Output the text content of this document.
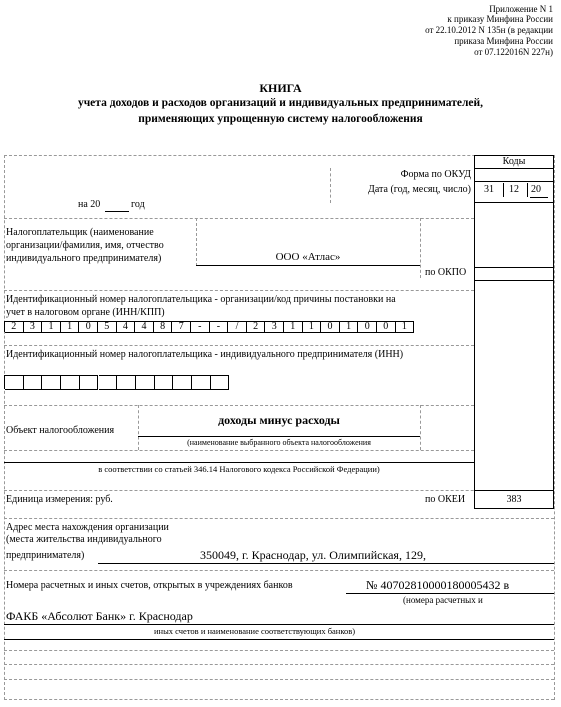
Приложение N 1
к приказу Минфина России
от 22.10.2012 N 135н (в редакции
приказа Минфина России
от 07.122016N 227н)
КНИГА
учета доходов и расходов организаций и индивидуальных предпринимателей,
применяющих упрощенную систему налогообложения
Коды
Форма по ОКУД
Дата (год, месяц, число) 31 12 20
на 20	год
Налогоплательщик (наименование
организации/фамилия, имя, отчество
индивидуального предпринимателя)	ООО «Атлас»
по ОКПО
Идентификационный номер налогоплательщика - организации/код причины постановки на
учет в налоговом органе (ИНН/КПП)
2	3	1	1	0	5	4	4	8	7	-	-	/	2	3	1	1	0	1	0	0	1
Идентификационный номер налогоплательщика - индивидуального предпринимателя (ИНН)
Объект налогообложения
доходы минус расходы
(наименование выбранного объекта налогообложения
в соответствии со статьей 346.14 Налогового кодекса Российской Федерации)
Единица измерения: руб.	по ОКЕИ	383
Адрес места нахождения организации
(места жительства индивидуального
предпринимателя)	350049, г. Краснодар, ул. Олимпийская, 129,
Номера расчетных и иных счетов, открытых в учреждениях банков	№ 40702810000180005432 в
(номера расчетных и
ФАКБ «Абсолют Банк» г. Краснодар
иных счетов и наименование соответствующих банков)
